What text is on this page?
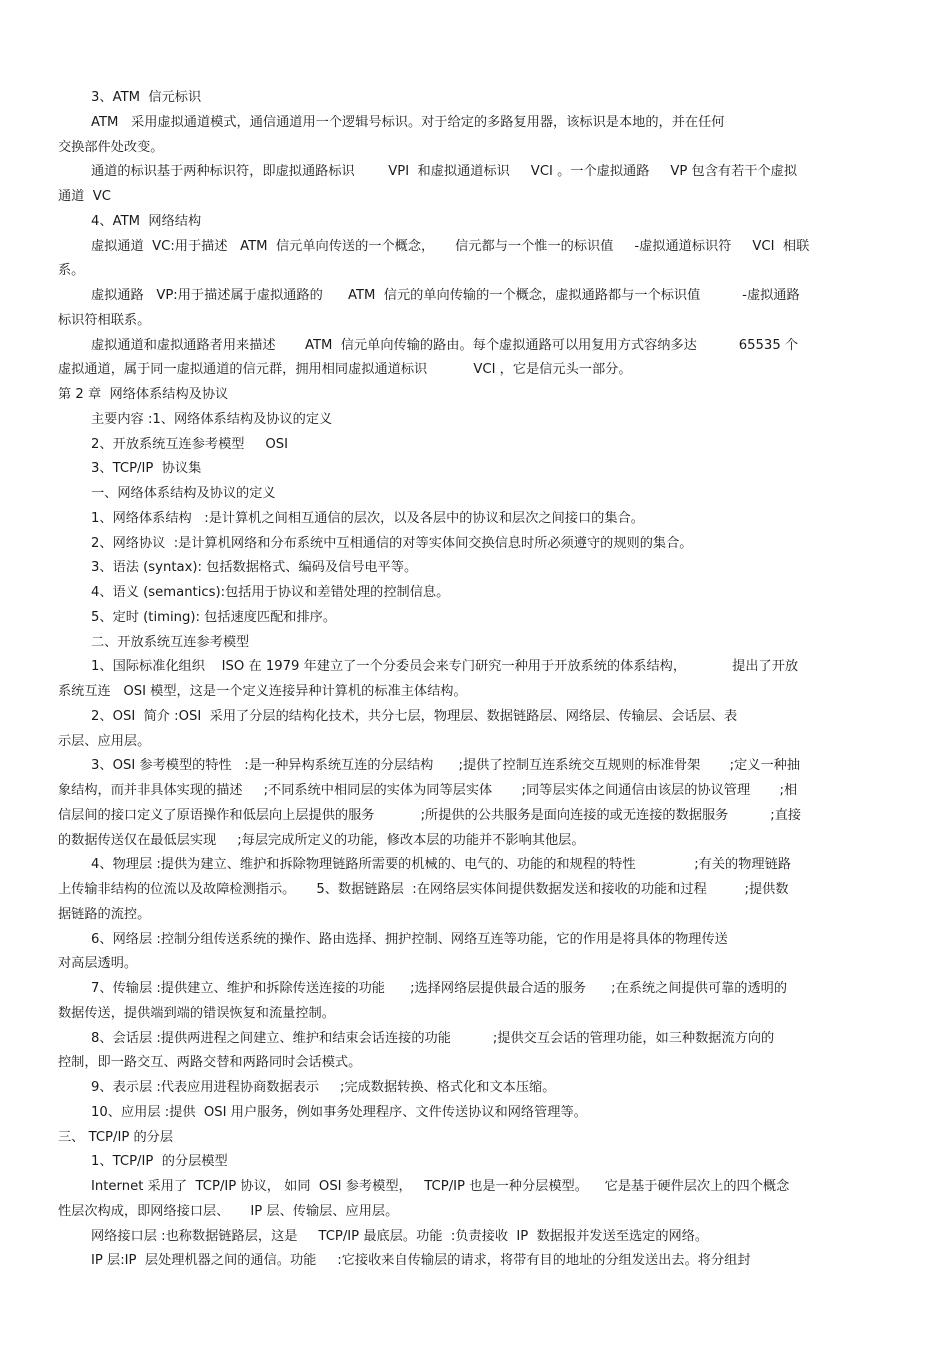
3、ATM  信元标识
ATM   采用虚拟通道模式，通信通道用一个逻辑号标识。对于给定的多路复用器，该标识是本地的，并在任何
交换部件处改变。
通道的标识基于两种标识符，即虚拟通路标识        VPI  和虚拟通道标识     VCI 。一个虚拟通路     VP 包含有若干个虚拟
通道  VC
4、ATM  网络结构
虚拟通道  VC:用于描述   ATM  信元单向传送的一个概念，     信元都与一个惟一的标识值     -虚拟通道标识符     VCI  相联
系。
虚拟通路   VP:用于描述属于虚拟通路的      ATM  信元的单向传输的一个概念，虚拟通路都与一个标识值          -虚拟通路
标识符相联系。
虚拟通道和虚拟通路者用来描述       ATM  信元单向传输的路由。每个虚拟通路可以用复用方式容纳多达          65535 个
虚拟通道，属于同一虚拟通道的信元群，拥用相同虚拟通道标识           VCI ，它是信元头一部分。
第 2 章  网络体系结构及协议
主要内容 :1、网络体系结构及协议的定义
2、开放系统互连参考模型     OSI
3、TCP/IP  协议集
一、网络体系结构及协议的定义
1、网络体系结构   :是计算机之间相互通信的层次，以及各层中的协议和层次之间接口的集合。
2、网络协议  :是计算机网络和分布系统中互相通信的对等实体间交换信息时所必须遵守的规则的集合。
3、语法 (syntax): 包括数据格式、编码及信号电平等。
4、语义 (semantics):包括用于协议和差错处理的控制信息。
5、定时 (timing): 包括速度匹配和排序。
二、开放系统互连参考模型
1、国际标准化组织    ISO 在 1979 年建立了一个分委员会来专门研究一种用于开放系统的体系结构，           提出了开放
系统互连   OSI 模型，这是一个定义连接异种计算机的标准主体结构。
2、OSI  简介 :OSI  采用了分层的结构化技术，共分七层，物理层、数据链路层、网络层、传输层、会话层、表
示层、应用层。
3、OSI 参考模型的特性   :是一种异构系统互连的分层结构      ;提供了控制互连系统交互规则的标准骨架       ;定义一种抽
象结构，而并非具体实现的描述     ;不同系统中相同层的实体为同等层实体       ;同等层实体之间通信由该层的协议管理       ;相
信层间的接口定义了原语操作和低层向上层提供的服务           ;所提供的公共服务是面向连接的或无连接的数据服务          ;直接
的数据传送仅在最低层实现     ;每层完成所定义的功能，修改本层的功能并不影响其他层。
4、物理层 :提供为建立、维护和拆除物理链路所需要的机械的、电气的、功能的和规程的特性              ;有关的物理链路
上传输非结构的位流以及故障检测指示。     5、数据链路层  :在网络层实体间提供数据发送和接收的功能和过程         ;提供数
据链路的流控。
6、网络层 :控制分组传送系统的操作、路由选择、拥护控制、网络互连等功能，它的作用是将具体的物理传送
对高层透明。
7、传输层 :提供建立、维护和拆除传送连接的功能      ;选择网络层提供最合适的服务      ;在系统之间提供可靠的透明的
数据传送，提供端到端的错误恢复和流量控制。
8、会话层 :提供两进程之间建立、维护和结束会话连接的功能          ;提供交互会话的管理功能，如三种数据流方向的
控制，即一路交互、两路交替和两路同时会话模式。
9、表示层 :代表应用进程协商数据表示     ;完成数据转换、格式化和文本压缩。
10、应用层 :提供  OSI 用户服务，例如事务处理程序、文件传送协议和网络管理等。
三、 TCP/IP 的分层
1、TCP/IP  的分层模型
Internet 采用了  TCP/IP 协议， 如同  OSI 参考模型，   TCP/IP 也是一种分层模型。    它是基于硬件层次上的四个概念
性层次构成，即网络接口层、     IP 层、传输层、应用层。
网络接口层 :也称数据链路层，这是     TCP/IP 最底层。功能  :负责接收  IP  数据报并发送至选定的网络。
IP 层:IP  层处理机器之间的通信。功能     :它接收来自传输层的请求，将带有目的地址的分组发送出去。将分组封
